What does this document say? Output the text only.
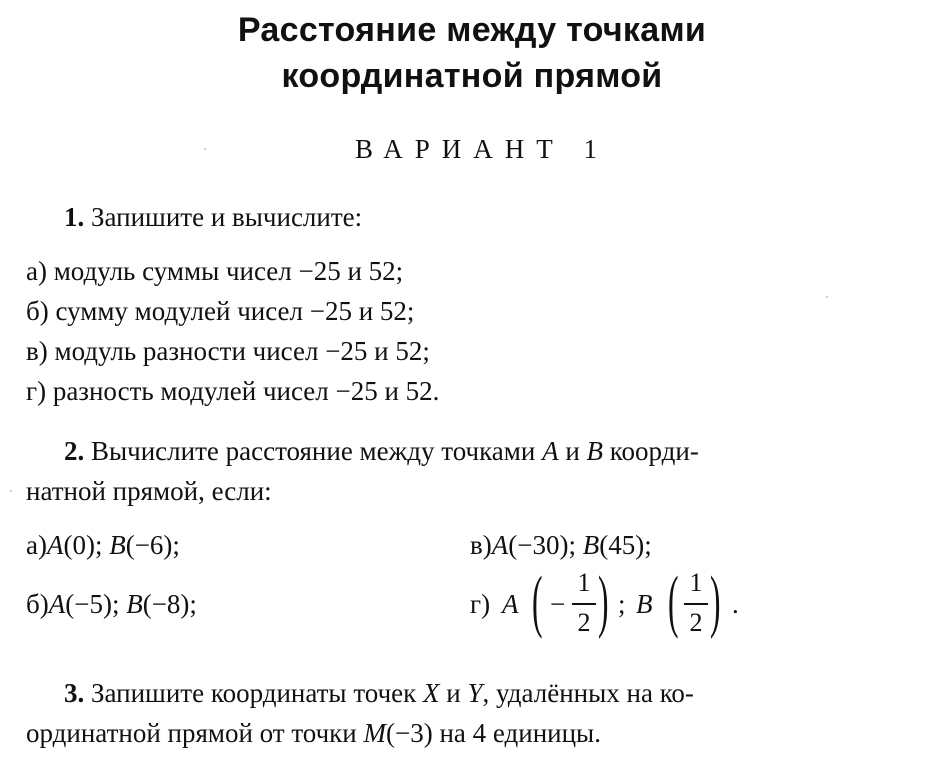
Расстояние между точками
координатной прямой
ВАРИАНТ 1
1. Запишите и вычислите:
а) модуль суммы чисел −25 и 52;
б) сумму модулей чисел −25 и 52;
в) модуль разности чисел −25 и 52;
г) разность модулей чисел −25 и 52.
2. Вычислите расстояние между точками A и B коорди-
натной прямой, если:
а)A(0); B(−6);	в)A(−30); B(45);
б)A(−5); B(−8);	г) A ( −
1
2 ) ; B ( 1
2 ) .
3. Запишите координаты точек X и Y, удалённых на ко-
ординатной прямой от точки M(−3) на 4 единицы.
